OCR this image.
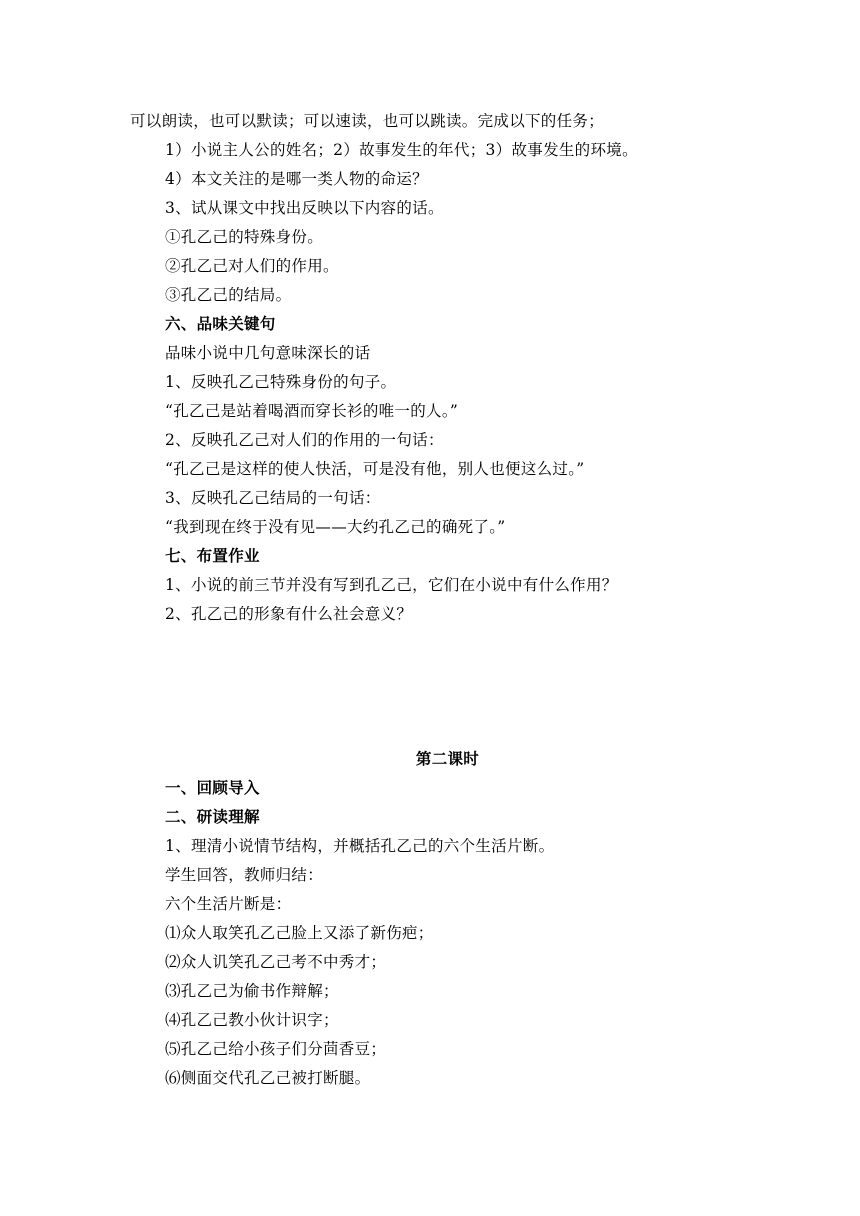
可以朗读，也可以默读；可以速读，也可以跳读。完成以下的任务；
1）小说主人公的姓名；2）故事发生的年代；3）故事发生的环境。
4）本文关注的是哪一类人物的命运？
3、试从课文中找出反映以下内容的话。
①孔乙己的特殊身份。
②孔乙己对人们的作用。
③孔乙己的结局。
六、品味关键句
品味小说中几句意味深长的话
1、反映孔乙己特殊身份的句子。
“孔乙己是站着喝酒而穿长衫的唯一的人。”
2、反映孔乙己对人们的作用的一句话：
“孔乙己是这样的使人快活，可是没有他，别人也便这么过。”
3、反映孔乙己结局的一句话：
“我到现在终于没有见——大约孔乙己的确死了。”
七、布置作业
1、小说的前三节并没有写到孔乙己，它们在小说中有什么作用？
2、孔乙己的形象有什么社会意义？
第二课时
一、回顾导入
二、研读理解
1、理清小说情节结构，并概括孔乙己的六个生活片断。
学生回答，教师归结：
六个生活片断是：
⑴众人取笑孔乙己脸上又添了新伤疤；
⑵众人讥笑孔乙己考不中秀才；
⑶孔乙己为偷书作辩解；
⑷孔乙己教小伙计识字；
⑸孔乙己给小孩子们分茴香豆；
⑹侧面交代孔乙己被打断腿。
